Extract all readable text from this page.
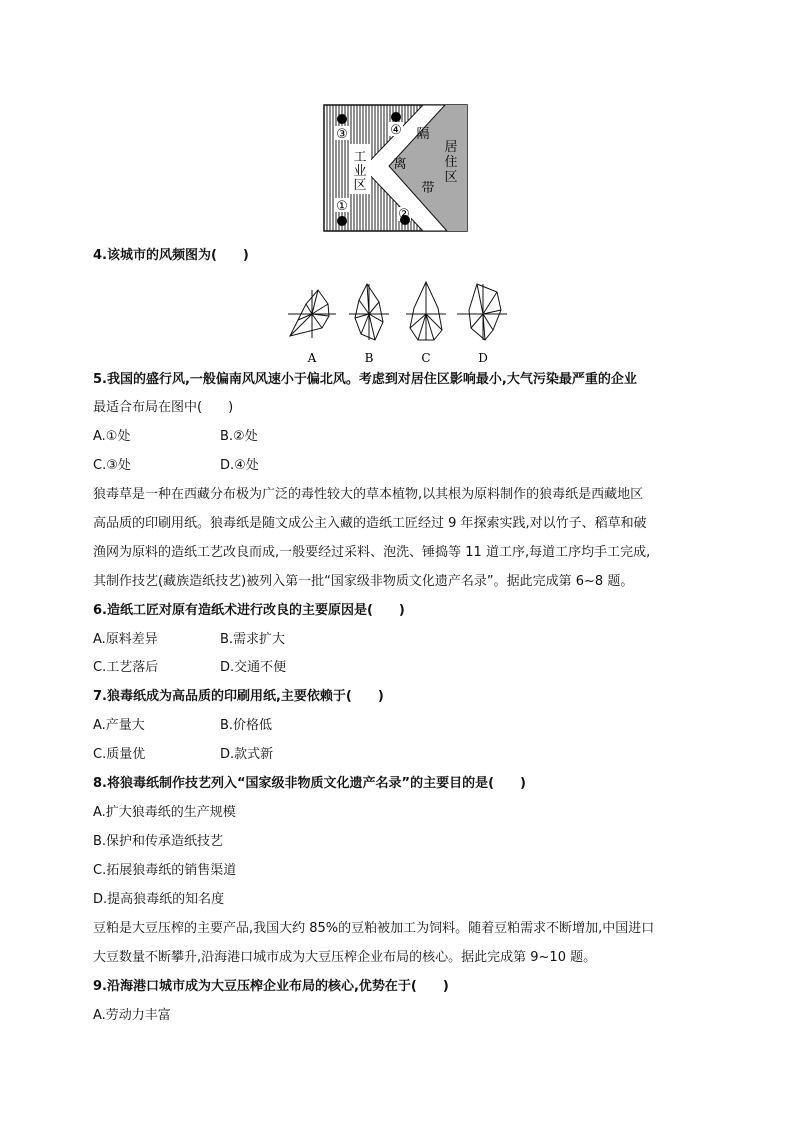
③
①
④
②
工
业
区
隔
离
带
居
住
区
4.该城市的风频图为(　　)
A	B	C	D
5.我国的盛行风,一般偏南风风速小于偏北风。考虑到对居住区影响最小,大气污染最严重的企业
最适合布局在图中(　　)
A.①处	B.②处
C.③处	D.④处
狼毒草是一种在西藏分布极为广泛的毒性较大的草本植物,以其根为原料制作的狼毒纸是西藏地区
高品质的印刷用纸。狼毒纸是随文成公主入藏的造纸工匠经过 9 年探索实践,对以竹子、稻草和破
渔网为原料的造纸工艺改良而成,一般要经过采料、泡洗、锤捣等 11 道工序,每道工序均手工完成,
其制作技艺(藏族造纸技艺)被列入第一批“国家级非物质文化遗产名录”。据此完成第 6~8 题。
6.造纸工匠对原有造纸术进行改良的主要原因是(　　)
A.原料差异	B.需求扩大
C.工艺落后	D.交通不便
7.狼毒纸成为高品质的印刷用纸,主要依赖于(　　)
A.产量大	B.价格低
C.质量优	D.款式新
8.将狼毒纸制作技艺列入“国家级非物质文化遗产名录”的主要目的是(　　)
A.扩大狼毒纸的生产规模
B.保护和传承造纸技艺
C.拓展狼毒纸的销售渠道
D.提高狼毒纸的知名度
豆粕是大豆压榨的主要产品,我国大约 85%的豆粕被加工为饲料。随着豆粕需求不断增加,中国进口
大豆数量不断攀升,沿海港口城市成为大豆压榨企业布局的核心。据此完成第 9~10 题。
9.沿海港口城市成为大豆压榨企业布局的核心,优势在于(　　)
A.劳动力丰富
